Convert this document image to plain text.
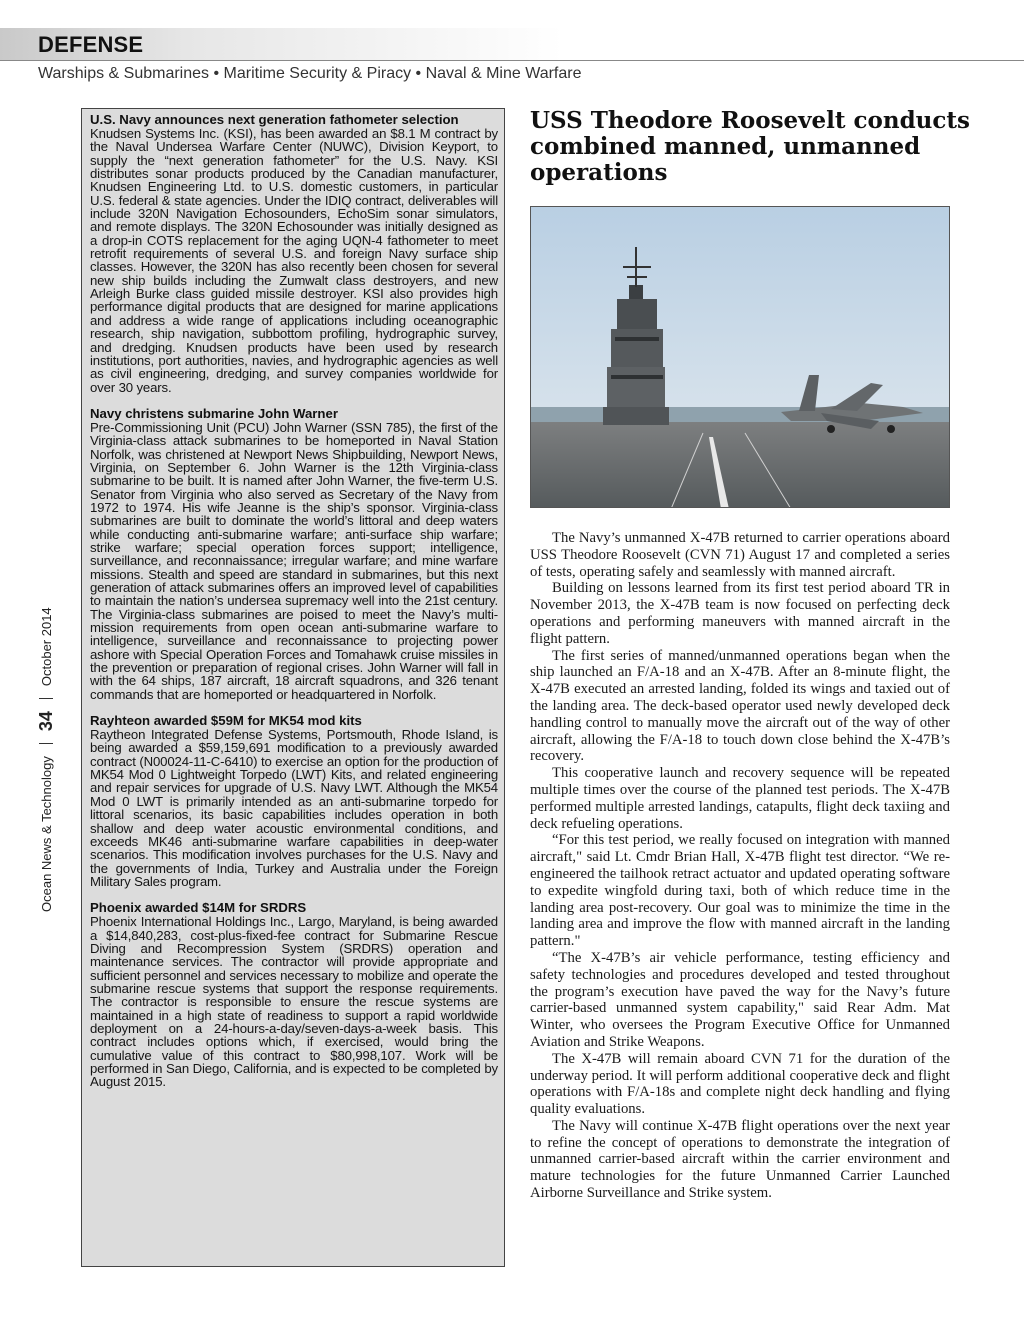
DEFENSE
Warships & Submarines • Maritime Security & Piracy • Naval & Mine Warfare
Ocean News & Technology
34
October 2014
U.S. Navy announces next generation fathometer selection
Knudsen Systems Inc. (KSI), has been awarded an $8.1 M contract by the Naval Undersea Warfare Center (NUWC), Division Keyport, to supply the “next generation fathometer” for the U.S. Navy. KSI distributes sonar products produced by the Canadian manufacturer, Knudsen Engineering Ltd. to U.S. domestic customers, in particular U.S. federal & state agencies. Under the IDIQ contract, deliverables will include 320N Navigation Echosounders, EchoSim sonar simulators, and remote displays. The 320N Echosounder was initially designed as a drop-in COTS replacement for the aging UQN-4 fathometer to meet retrofit requirements of several U.S. and foreign Navy surface ship classes. However, the 320N has also recently been chosen for several new ship builds including the Zumwalt class destroyers, and new Arleigh Burke class guided missile destroyer. KSI also provides high performance digital products that are designed for marine applications and address a wide range of applications including oceanographic research, ship navigation, subbottom profiling, hydrographic survey, and dredging. Knudsen products have been used by research institutions, port authorities, navies, and hydrographic agencies as well as civil engineering, dredging, and survey companies worldwide for over 30 years.
Navy christens submarine John Warner
Pre-Commissioning Unit (PCU) John Warner (SSN 785), the first of the Virginia-class attack submarines to be homeported in Naval Station Norfolk, was christened at Newport News Shipbuilding, Newport News, Virginia, on September 6. John Warner is the 12th Virginia-class submarine to be built. It is named after John Warner, the five-term U.S. Senator from Virginia who also served as Secretary of the Navy from 1972 to 1974. His wife Jeanne is the ship’s sponsor. Virginia-class submarines are built to dominate the world’s littoral and deep waters while conducting anti-submarine warfare; anti-surface ship warfare; strike warfare; special operation forces support; intelligence, surveillance, and reconnaissance; irregular warfare; and mine warfare missions. Stealth and speed are standard in submarines, but this next generation of attack submarines offers an improved level of capabilities to maintain the nation’s undersea supremacy well into the 21st century. The Virginia-class submarines are poised to meet the Navy’s multi-mission requirements from open ocean anti-submarine warfare to intelligence, surveillance and reconnaissance to projecting power ashore with Special Operation Forces and Tomahawk cruise missiles in the prevention or preparation of regional crises. John Warner will fall in with the 64 ships, 187 aircraft, 18 aircraft squadrons, and 326 tenant commands that are homeported or headquartered in Norfolk.
Rayhteon awarded $59M for MK54 mod kits
Raytheon Integrated Defense Systems, Portsmouth, Rhode Island, is being awarded a $59,159,691 modification to a previously awarded contract (N00024-11-C-6410) to exercise an option for the production of MK54 Mod 0 Lightweight Torpedo (LWT) Kits, and related engineering and repair services for upgrade of U.S. Navy LWT. Although the MK54 Mod 0 LWT is primarily intended as an anti-submarine torpedo for littoral scenarios, its basic capabilities includes operation in both shallow and deep water acoustic environmental conditions, and exceeds MK46 anti-submarine warfare capabilities in deep-water scenarios. This modification involves purchases for the U.S. Navy and the governments of India, Turkey and Australia under the Foreign Military Sales program.
Phoenix awarded $14M for SRDRS
Phoenix International Holdings Inc., Largo, Maryland, is being awarded a $14,840,283, cost-plus-fixed-fee contract for Submarine Rescue Diving and Recompression System (SRDRS) operation and maintenance services. The contractor will provide appropriate and sufficient personnel and services necessary to mobilize and operate the submarine rescue systems that support the response requirements. The contractor is responsible to ensure the rescue systems are maintained in a high state of readiness to support a rapid worldwide deployment on a 24-hours-a-day/seven-days-a-week basis. This contract includes options which, if exercised, would bring the cumulative value of this contract to $80,998,107. Work will be performed in San Diego, California, and is expected to be completed by August 2015.
USS Theodore Roosevelt conducts combined manned, unmanned operations

The Navy’s unmanned X-47B returned to carrier operations aboard USS Theodore Roosevelt (CVN 71) August 17 and completed a series of tests, operating safely and seamlessly with manned aircraft.

Building on lessons learned from its first test period aboard TR in November 2013, the X-47B team is now focused on perfecting deck operations and performing maneuvers with manned aircraft in the flight pattern.

The first series of manned/unmanned operations began when the ship launched an F/A-18 and an X-47B. After an 8-minute flight, the X-47B executed an arrested landing, folded its wings and taxied out of the landing area. The deck-based operator used newly developed deck handling control to manually move the aircraft out of the way of other aircraft, allowing the F/A-18 to touch down close behind the X-47B’s recovery.

This cooperative launch and recovery sequence will be repeated multiple times over the course of the planned test periods. The X-47B performed multiple arrested landings, catapults, flight deck taxiing and deck refueling operations.

“For this test period, we really focused on integration with manned aircraft," said Lt. Cmdr Brian Hall, X-47B flight test director. “We re-engineered the tailhook retract actuator and updated operating software to expedite wingfold during taxi, both of which reduce time in the landing area post-recovery. Our goal was to minimize the time in the landing area and improve the flow with manned aircraft in the landing pattern."

“The X-47B’s air vehicle performance, testing efficiency and safety technologies and procedures developed and tested throughout the program’s execution have paved the way for the Navy’s future carrier-based unmanned system capability," said Rear Adm. Mat Winter, who oversees the Program Executive Office for Unmanned Aviation and Strike Weapons.

The X-47B will remain aboard CVN 71 for the duration of the underway period. It will perform additional cooperative deck and flight operations with F/A-18s and complete night deck handling and flying quality evaluations.

The Navy will continue X-47B flight operations over the next year to refine the concept of operations to demonstrate the integration of unmanned carrier-based aircraft within the carrier environment and mature technologies for the future Unmanned Carrier Launched Airborne Surveillance and Strike system.
